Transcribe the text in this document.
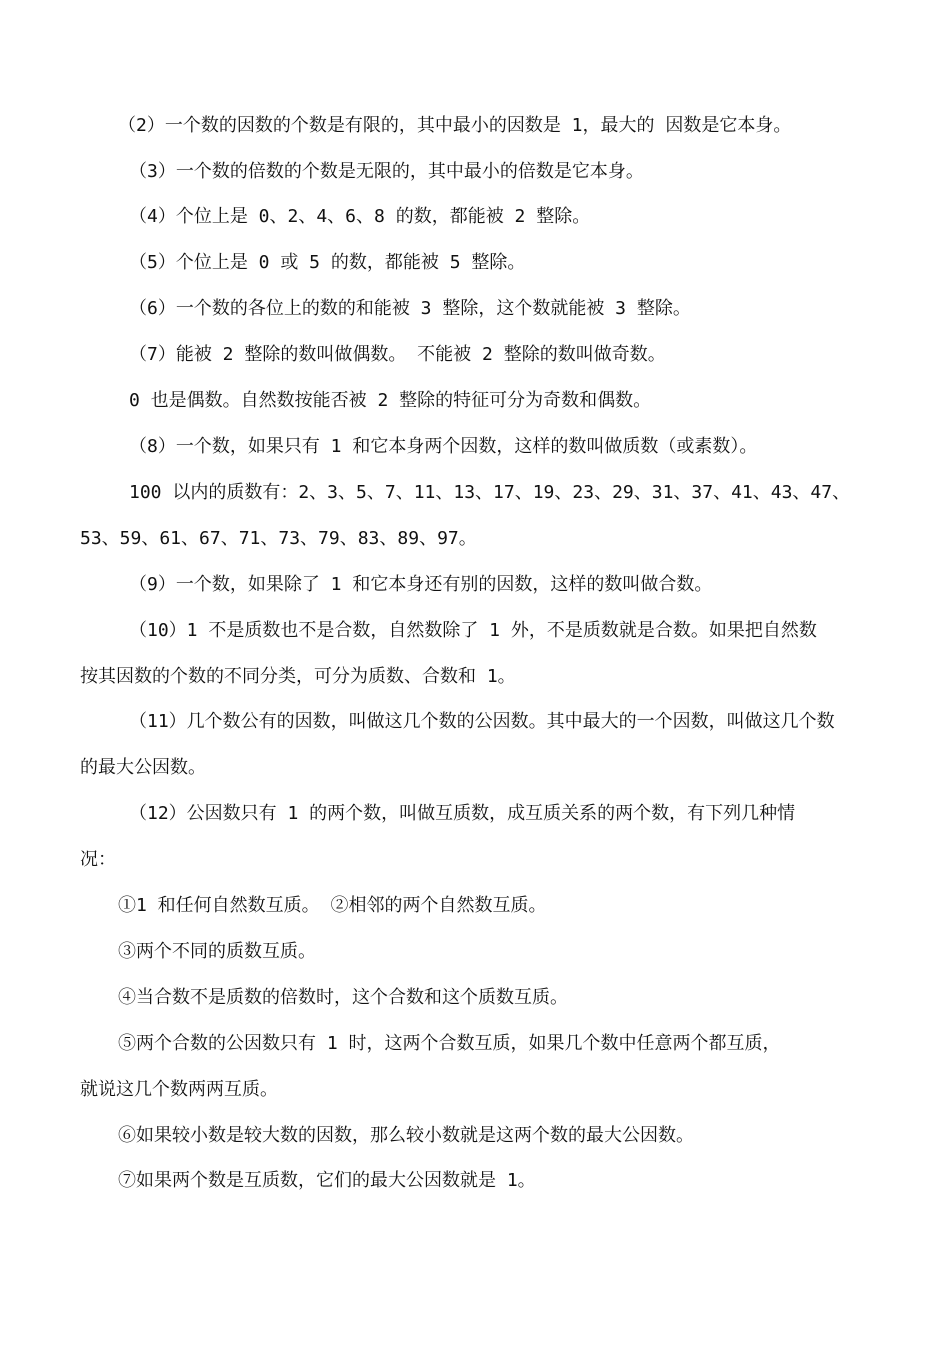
（2）一个数的因数的个数是有限的，其中最小的因数是 1，最大的 因数是它本身。
（3）一个数的倍数的个数是无限的，其中最小的倍数是它本身。
（4）个位上是 0、2、4、6、8 的数，都能被 2 整除。
（5）个位上是 0 或 5 的数，都能被 5 整除。
（6）一个数的各位上的数的和能被 3 整除，这个数就能被 3 整除。
（7）能被 2 整除的数叫做偶数。 不能被 2 整除的数叫做奇数。
0 也是偶数。自然数按能否被 2 整除的特征可分为奇数和偶数。
（8）一个数，如果只有 1 和它本身两个因数，这样的数叫做质数（或素数）。
100 以内的质数有：2、3、5、7、11、13、17、19、23、29、31、37、41、43、47、
53、59、61、67、71、73、79、83、89、97。
（9）一个数，如果除了 1 和它本身还有别的因数，这样的数叫做合数。
（10）1 不是质数也不是合数，自然数除了 1 外，不是质数就是合数。如果把自然数
按其因数的个数的不同分类，可分为质数、合数和 1。
（11）几个数公有的因数，叫做这几个数的公因数。其中最大的一个因数，叫做这几个数
的最大公因数。
（12）公因数只有 1 的两个数，叫做互质数，成互质关系的两个数，有下列几种情
况：
①1 和任何自然数互质。 ②相邻的两个自然数互质。
③两个不同的质数互质。
④当合数不是质数的倍数时，这个合数和这个质数互质。
⑤两个合数的公因数只有 1 时，这两个合数互质，如果几个数中任意两个都互质，
就说这几个数两两互质。
⑥如果较小数是较大数的因数，那么较小数就是这两个数的最大公因数。
⑦如果两个数是互质数，它们的最大公因数就是 1。
